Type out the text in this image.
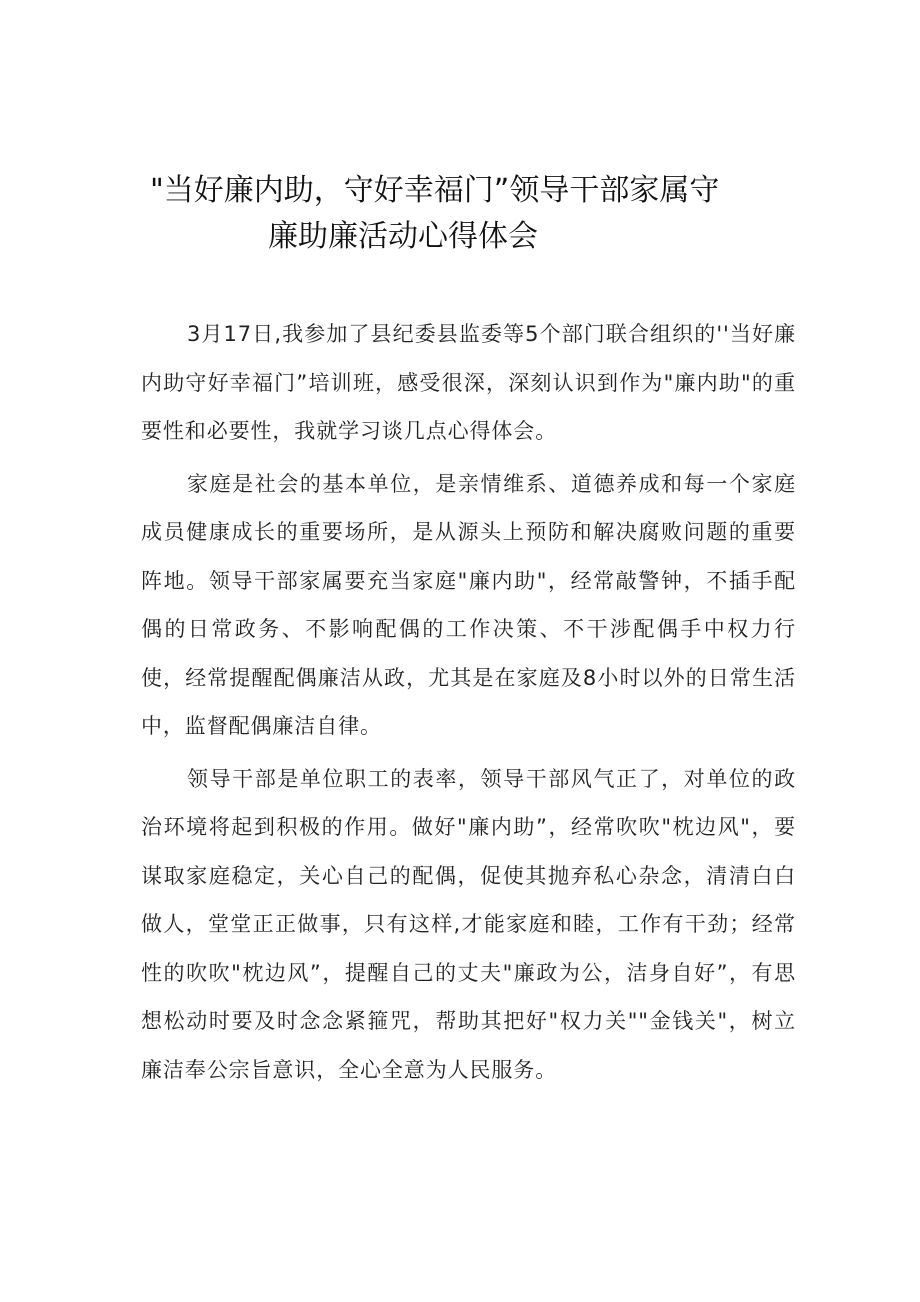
"当好廉内助，守好幸福门”领导干部家属守
廉助廉活动心得体会

3月17日,我参加了县纪委县监委等5个部门联合组织的''当好廉内助守好幸福门”培训班，感受很深，深刻认识到作为"廉内助"的重要性和必要性，我就学习谈几点心得体会。

家庭是社会的基本单位，是亲情维系、道德养成和每一个家庭成员健康成长的重要场所，是从源头上预防和解决腐败问题的重要阵地。领导干部家属要充当家庭"廉内助"，经常敲警钟，不插手配偶的日常政务、不影响配偶的工作决策、不干涉配偶手中权力行使，经常提醒配偶廉洁从政，尤其是在家庭及8小时以外的日常生活中，监督配偶廉洁自律。

领导干部是单位职工的表率，领导干部风气正了，对单位的政治环境将起到积极的作用。做好"廉内助”，经常吹吹"枕边风"，要谋取家庭稳定，关心自己的配偶，促使其抛弃私心杂念，清清白白做人，堂堂正正做事，只有这样,才能家庭和睦，工作有干劲；经常性的吹吹"枕边风”，提醒自己的丈夫"廉政为公，洁身自好”，有思想松动时要及时念念紧箍咒，帮助其把好"权力关""金钱关"，树立廉洁奉公宗旨意识，全心全意为人民服务。
